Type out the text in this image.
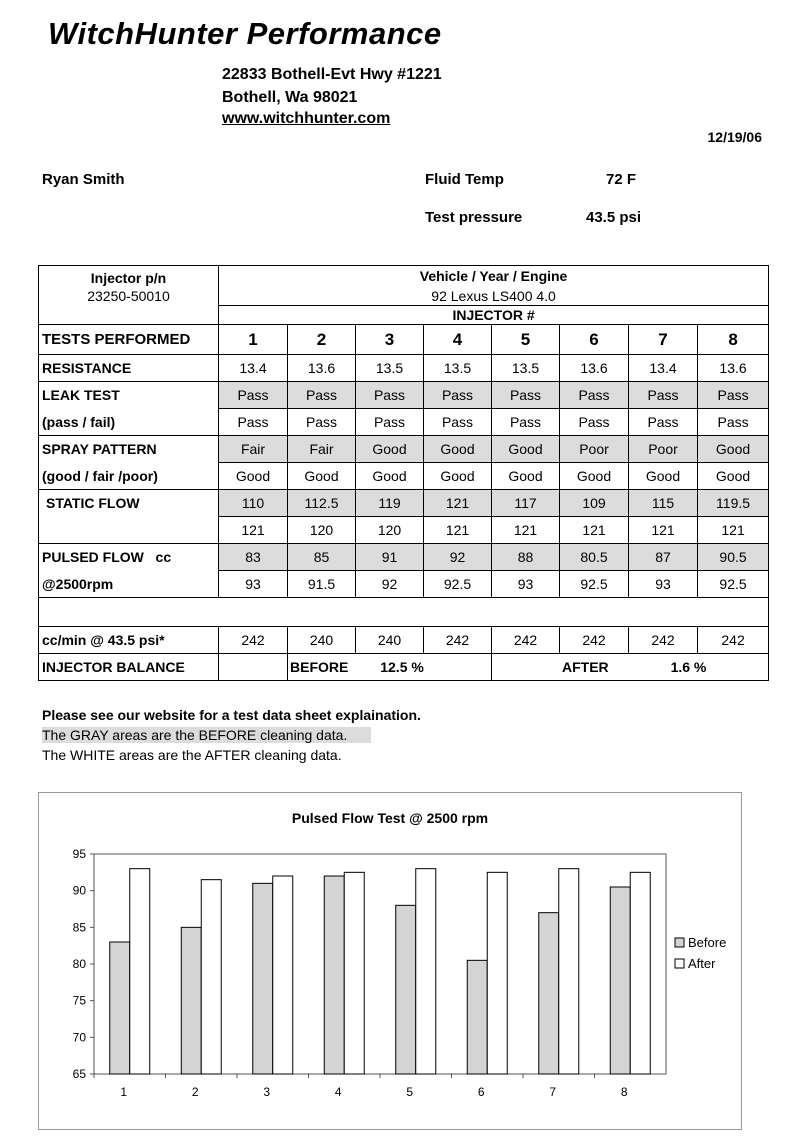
WitchHunter Performance
22833 Bothell-Evt Hwy #1221
Bothell, Wa 98021
www.witchhunter.com
12/19/06
Ryan Smith	Fluid Temp	72 F
Test pressure	43.5 psi
Injector p/n
23250-50010	Vehicle / Year / Engine							
	92 Lexus LS400 4.0							
	INJECTOR #							
TESTS PERFORMED	1	2	3	4	5	6	7	8
RESISTANCE	13.4	13.6	13.5	13.5	13.5	13.6	13.4	13.6
LEAK TEST	Pass	Pass	Pass	Pass	Pass	Pass	Pass	Pass
(pass / fail)	Pass	Pass	Pass	Pass	Pass	Pass	Pass	Pass
SPRAY PATTERN	Fair	Fair	Good	Good	Good	Poor	Poor	Good
(good / fair /poor)	Good	Good	Good	Good	Good	Good	Good	Good
STATIC FLOW	110	112.5	119	121	117	109	115	119.5
	121	120	120	121	121	121	121	121
PULSED FLOW   cc	83	85	91	92	88	80.5	87	90.5
@2500rpm	93	91.5	92	92.5	93	92.5	93	92.5

cc/min @ 43.5 psi*	242	240	240	242	242	242	242	242
INJECTOR BALANCE		BEFORE 12.5 %			AFTER 1.6 %			
Please see our website for a test data sheet explaination.
The GRAY areas are the BEFORE cleaning data.
The WHITE areas are the AFTER cleaning data.
Pulsed Flow Test @ 2500 rpm
65
70
75
80
85
90
95
1	2	3	4	5	6	7	8
Before
After
